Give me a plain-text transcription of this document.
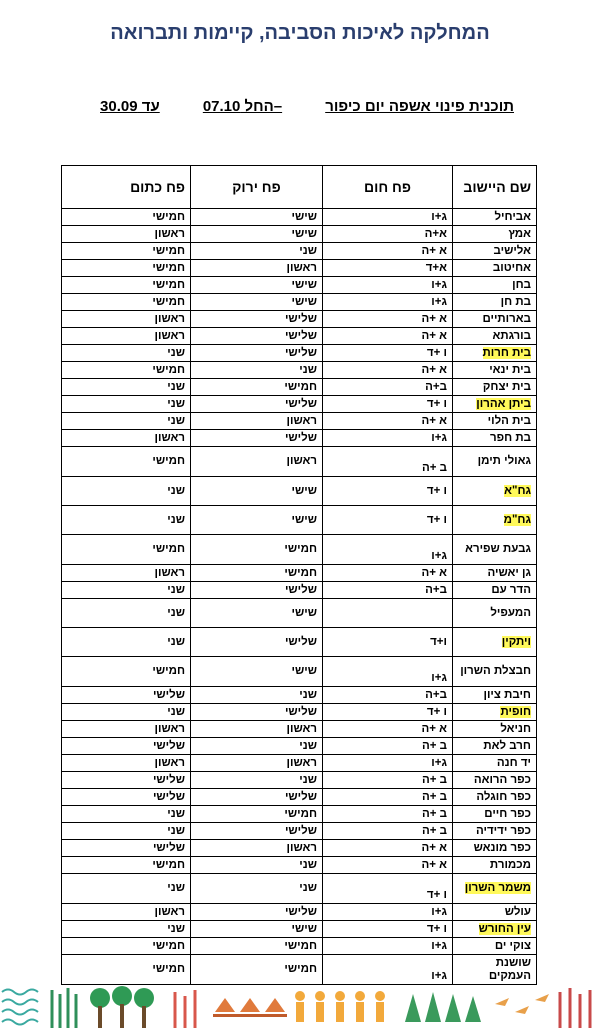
המחלקה לאיכות הסביבה, קיימות ותברואה
תוכנית פינוי אשפה יום כיפור
–החל 07.10
עד 30.09
שם היישוב	פח חום	פח ירוק	פח כתום
אביחיל	ג+ו	שישי	חמישי
אמץ	א+ה	שישי	ראשון
אלישיב	א +ה	שני	חמישי
אחיטוב	א+ד	ראשון	חמישי
בחן	ג+ו	שישי	חמישי
בת חן	ג+ו	שישי	חמישי
בארותיים	א +ה	שלישי	ראשון
בורגתא	א +ה	שלישי	ראשון
בית חרות	ו +ד	שלישי	שני
בית ינאי	א +ה	שני	חמישי
בית יצחק	ב+ה	חמישי	שני
ביתן אהרון	ו +ד	שלישי	שני
בית הלוי	א +ה	ראשון	שני
בת חפר	ג+ו	שלישי	ראשון
גאולי תימן	ב +ה	ראשון	חמישי
גח"א	ו +ד	שישי	שני
גח"מ	ו +ד	שישי	שני
גבעת שפירא	ג+ו	חמישי	חמישי
גן יאשיה	א +ה	חמישי	ראשון
הדר עם	ב+ה	שלישי	שני
המעפיל		שישי	שני
ויתקין	ו+ד	שלישי	שני
חבצלת השרון	ג+ו	שישי	חמישי
חיבת ציון	ב+ה	שני	שלישי
חופית	ו +ד	שלישי	שני
חניאל	א +ה	ראשון	ראשון
חרב לאת	ב +ה	שני	שלישי
יד חנה	ג+ו	ראשון	ראשון
כפר הרואה	ב +ה	שני	שלישי
כפר חוגלה	ב +ה	שלישי	שלישי
כפר חיים	ב +ה	חמישי	שני
כפר ידידיה	ב +ה	שלישי	שני
כפר מונאש	א +ה	ראשון	שלישי
מכמורת	א +ה	שני	חמישי
משמר השרון	ו +ד	שני	שני
עולש	ג+ו	שלישי	ראשון
עין החורש	ו +ד	שישי	שני
צוקי ים	ג+ו	חמישי	חמישי
שושנת העמקים	ג+ו	חמישי	חמישי
